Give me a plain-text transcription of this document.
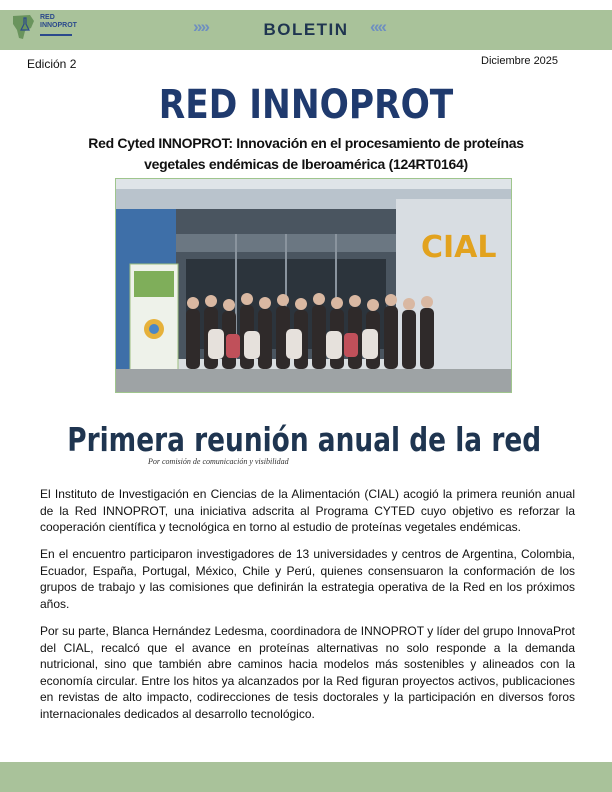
RED
INNOPROT	»»	BOLETIN	««
Edición 2	Diciembre 2025
RED INNOPROT
Red Cyted INNOPROT: Innovación en el procesamiento de proteínas vegetales endémicas de Iberoamérica (124RT0164)
CIAL
Primera reunión anual de la red
Por comisión de comunicación y visibilidad
El Instituto de Investigación en Ciencias de la Alimentación (CIAL) acogió la primera reunión anual de la Red INNOPROT, una iniciativa adscrita al Programa CYTED cuyo objetivo es reforzar la cooperación científica y tecnológica en torno al estudio de proteínas vegetales endémicas.
En el encuentro participaron investigadores de 13 universidades y centros de Argentina, Colombia, Ecuador, España, Portugal, México, Chile y Perú, quienes consensuaron la conformación de los grupos de trabajo y las comisiones que definirán la estrategia operativa de la Red en los próximos años.
Por su parte, Blanca Hernández Ledesma, coordinadora de INNOPROT y líder del grupo InnovaProt del CIAL, recalcó que el avance en proteínas alternativas no solo responde a la demanda nutricional, sino que también abre caminos hacia modelos más sostenibles y alineados con la economía circular. Entre los hitos ya alcanzados por la Red figuran proyectos activos, publicaciones en revistas de alto impacto, codirecciones de tesis doctorales y la participación en diversos foros internacionales dedicados al desarrollo tecnológico.
